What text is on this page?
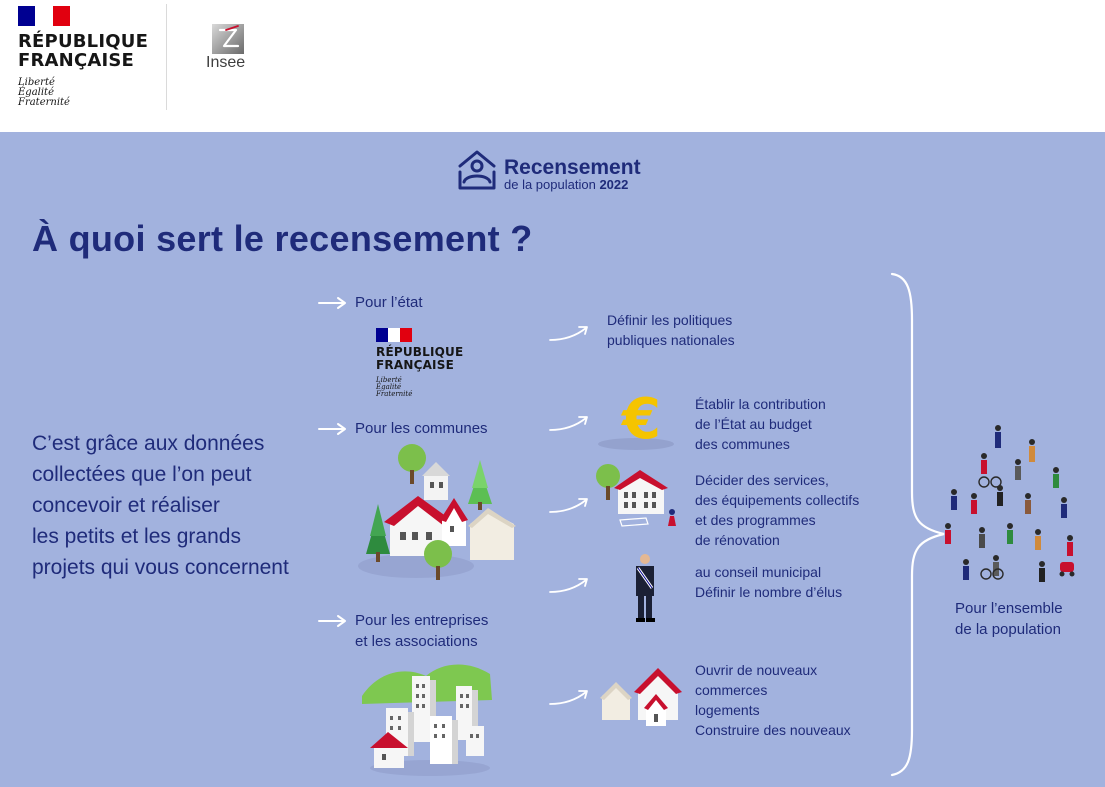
RÉPUBLIQUE
FRANÇAISE
Liberté
Égalité
Fraternité
Insee
Recensement
de la population 2022
À quoi sert le recensement ?
C’est grâce aux données
collectées que l’on peut
concevoir et réaliser
les petits et les grands
projets qui vous concernent
Pour l’état
RÉPUBLIQUE
FRANÇAISE
Liberté
Égalité
Fraternité
Pour les communes
Pour les entreprises
et les associations
Définir les politiques
publiques nationales
€ Établir la contribution
de l’État au budget
des communes
Décider des services,
des équipements collectifs
et des programmes
de rénovation
au conseil municipal
Définir le nombre d’élus
Ouvrir de nouveaux
commerces
logements
Construire des nouveaux
Pour l’ensemble
de la population
